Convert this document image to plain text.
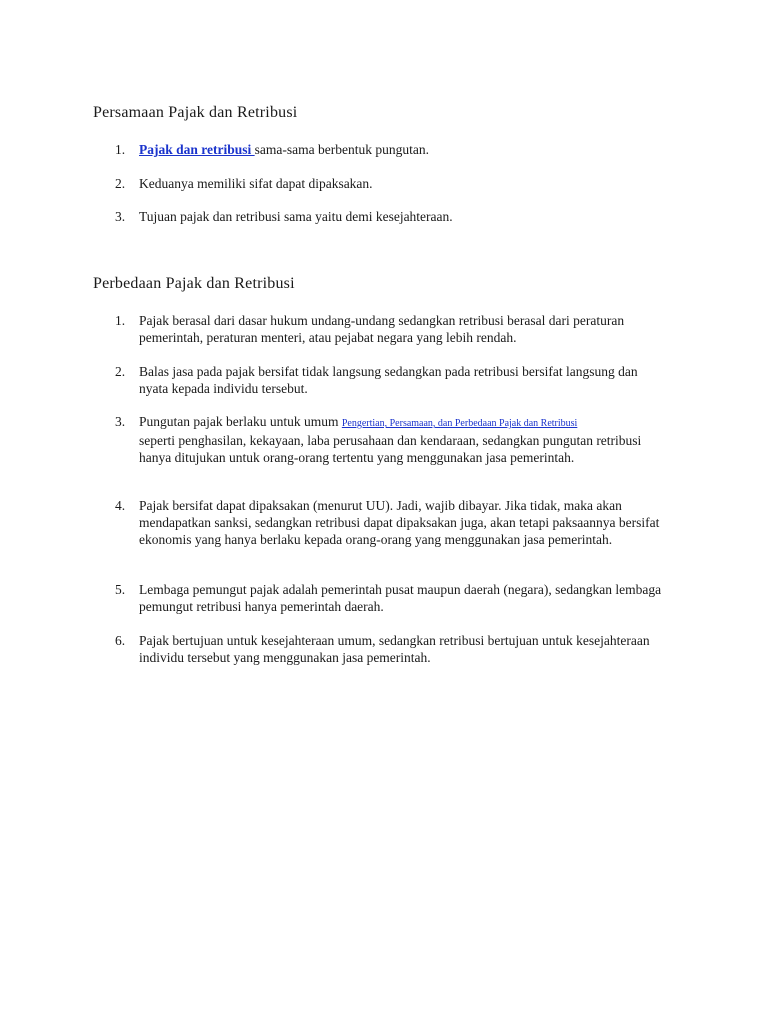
Persamaan Pajak dan Retribusi
1.	Pajak dan retribusi sama-sama berbentuk pungutan.
2.	Keduanya memiliki sifat dapat dipaksakan.
3.	Tujuan pajak dan retribusi sama yaitu demi kesejahteraan.
Perbedaan Pajak dan Retribusi
1.	Pajak berasal dari dasar hukum undang-undang sedangkan retribusi berasal dari peraturan pemerintah, peraturan menteri, atau pejabat negara yang lebih rendah.
2.	Balas jasa pada pajak bersifat tidak langsung sedangkan pada retribusi bersifat langsung dan nyata kepada individu tersebut.
3.	Pungutan pajak berlaku untuk umum Pengertian, Persamaan, dan Perbedaan Pajak dan Retribusi
seperti penghasilan, kekayaan, laba perusahaan dan kendaraan, sedangkan pungutan retribusi hanya ditujukan untuk orang-orang tertentu yang menggunakan jasa pemerintah.
4.	Pajak bersifat dapat dipaksakan (menurut UU). Jadi, wajib dibayar. Jika tidak, maka akan mendapatkan sanksi, sedangkan retribusi dapat dipaksakan juga, akan tetapi paksaannya bersifat ekonomis yang hanya berlaku kepada orang-orang yang menggunakan jasa pemerintah.
5.	Lembaga pemungut pajak adalah pemerintah pusat maupun daerah (negara), sedangkan lembaga pemungut retribusi hanya pemerintah daerah.
6.	Pajak bertujuan untuk kesejahteraan umum, sedangkan retribusi bertujuan untuk kesejahteraan individu tersebut yang menggunakan jasa pemerintah.
